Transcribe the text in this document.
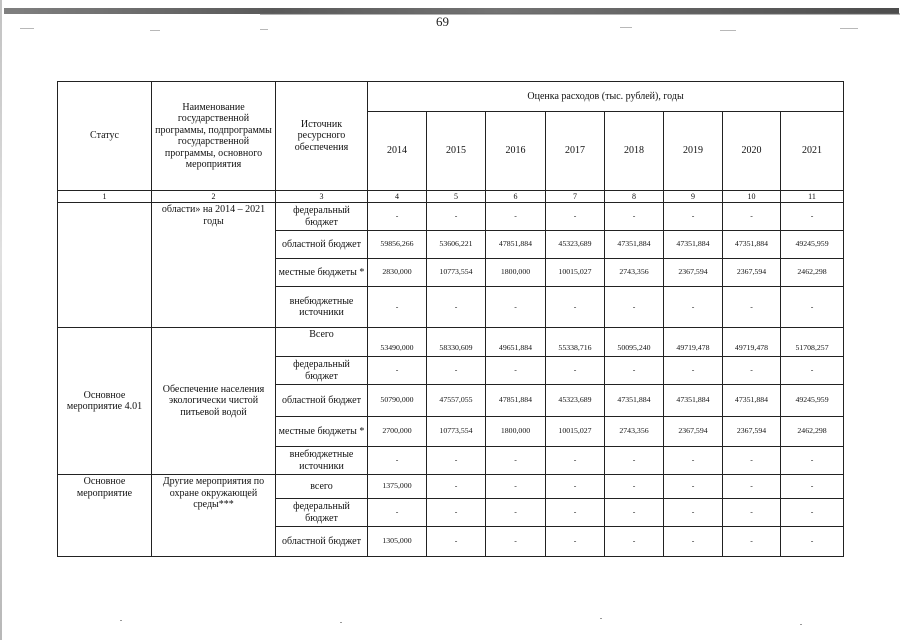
69
Статус	Наименование государственной программы, подпрограммы государственной программы, основного мероприятия	Источник ресурсного обеспечения	Оценка расходов (тыс. рублей), годы							
			2014	2015	2016	2017	2018	2019	2020	2021
1	2	3	4	5	6	7	8	9	10	11
	области» на 2014 – 2021 годы	федеральный бюджет	-	-	-	-	-	-	-	-
		областной бюджет	59856,266	53606,221	47851,884	45323,689	47351,884	47351,884	47351,884	49245,959
		местные бюджеты *	2830,000	10773,554	1800,000	10015,027	2743,356	2367,594	2367,594	2462,298
		внебюджетные источники	-	-	-	-	-	-	-	-
Основное мероприятие 4.01	Обеспечение населения экологически чистой питьевой водой	Всего	53490,000	58330,609	49651,884	55338,716	50095,240	49719,478	49719,478	51708,257
		федеральный бюджет	-	-	-	-	-	-	-	-
		областной бюджет	50790,000	47557,055	47851,884	45323,689	47351,884	47351,884	47351,884	49245,959
		местные бюджеты *	2700,000	10773,554	1800,000	10015,027	2743,356	2367,594	2367,594	2462,298
		внебюджетные источники	-	-	-	-	-	-	-	-
Основное мероприятие	Другие мероприятия по охране окружающей среды***	всего	1375,000	-	-	-	-	-	-	-
		федеральный бюджет	-	-	-	-	-	-	-	-
		областной бюджет	1305,000	-	-	-	-	-	-	-
